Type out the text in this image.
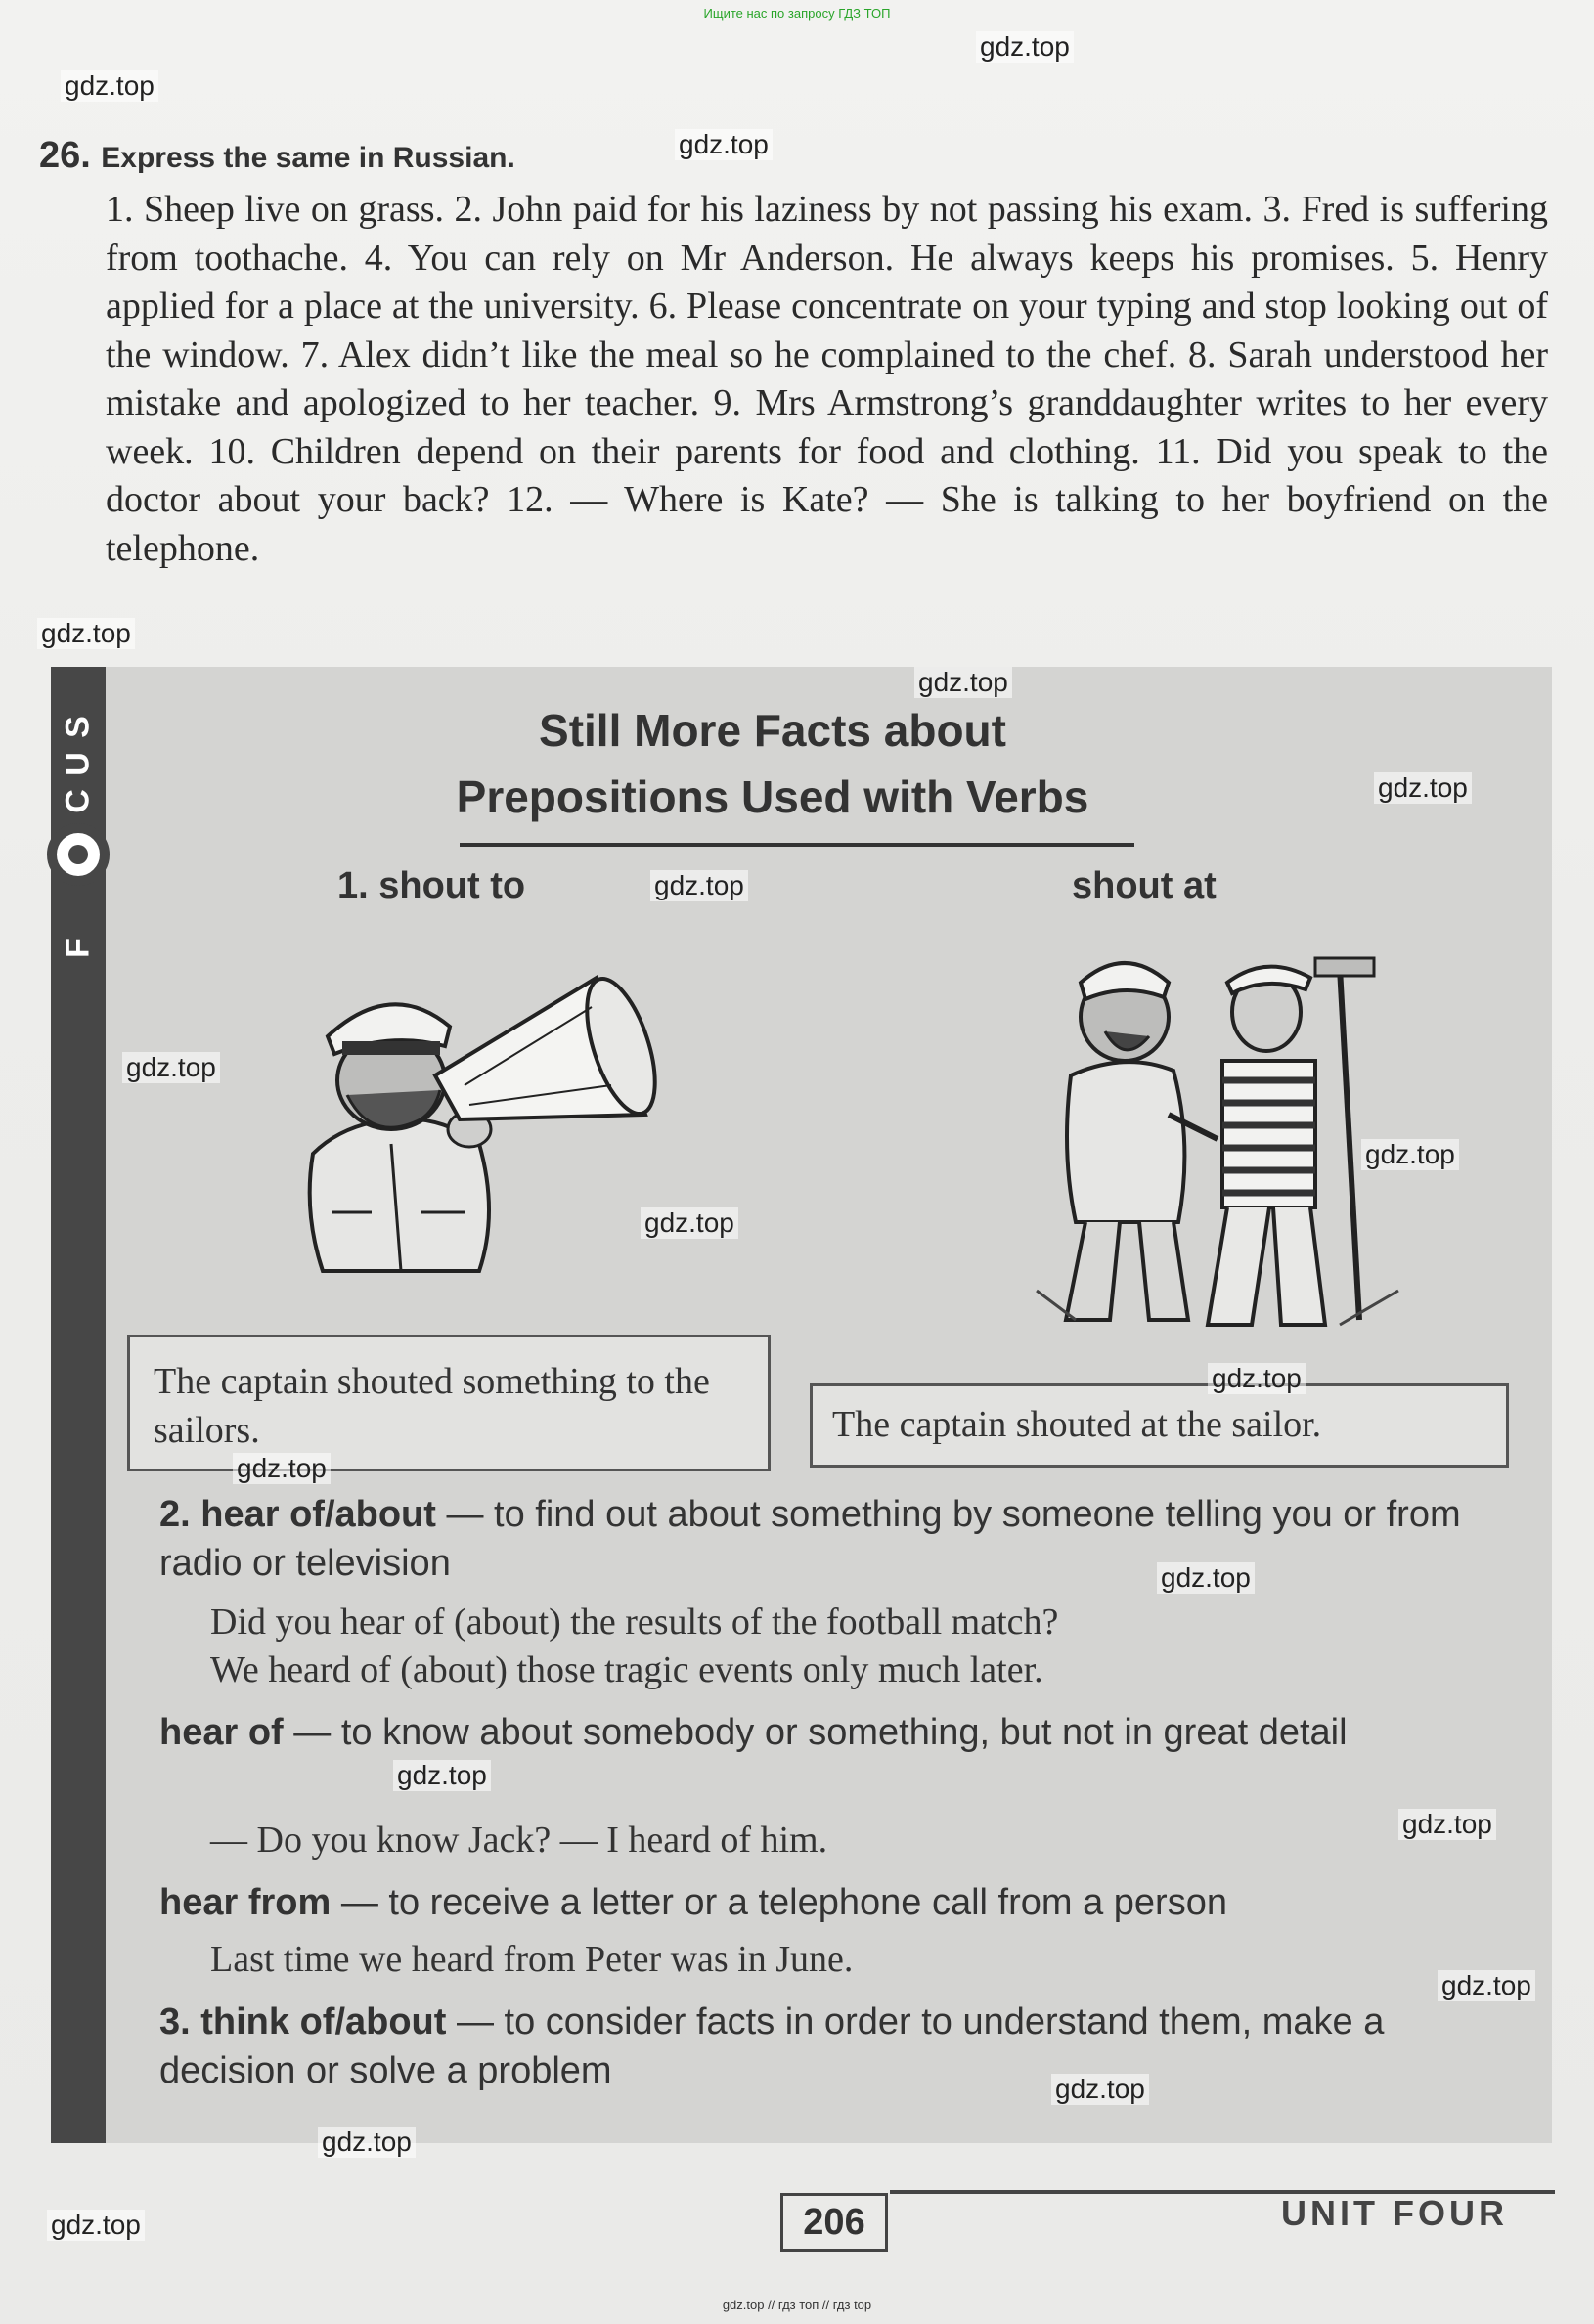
Ищите нас по запросу ГДЗ ТОП
26. Express the same in Russian.

1. Sheep live on grass. 2. John paid for his laziness by not passing his exam. 3. Fred is suffering from toothache. 4. You can rely on Mr Anderson. He always keeps his promises. 5. Henry applied for a place at the university. 6. Please concentrate on your typing and stop looking out of the window. 7. Alex didn’t like the meal so he complained to the chef. 8. Sarah understood her mistake and apologized to her teacher. 9. Mrs Armstrong’s granddaughter writes to her every week. 10. Children depend on their parents for food and clothing. 11. Did you speak to the doctor about your back? 12. — Where is Kate? — She is talking to her boyfriend on the telephone.

F
C
U
S	Still More Facts about
Prepositions Used with Verbs
1. shout to	shout at
The captain shouted something to the sailors.	The captain shouted at the sailor.
2. hear of/about — to find out about something by someone telling you or from radio or television
Did you hear of (about) the results of the football match?
We heard of (about) those tragic events only much later.
hear of — to know about somebody or something, but not in great detail
— Do you know Jack? — I heard of him.
hear from — to receive a letter or a telephone call from a person
Last time we heard from Peter was in June.
3. think of/about — to consider facts in order to understand them, make a decision or solve a problem
206	UNIT FOUR
gdz.top
gdz.top
gdz.top
gdz.top
gdz.top
gdz.top
gdz.top
gdz.top
gdz.top
gdz.top
gdz.top
gdz.top
gdz.top
gdz.top
gdz.top
gdz.top
gdz.top
gdz.top
gdz.top
gdz.top // гдз топ // гдз top
